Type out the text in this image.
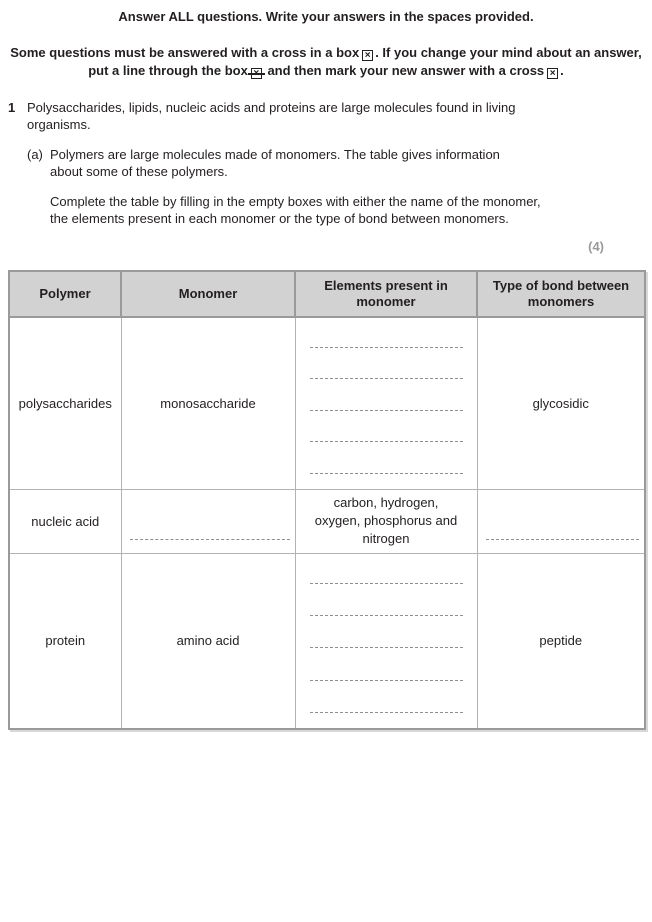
Answer ALL questions. Write your answers in the spaces provided.

Some questions must be answered with a cross in a box × . If you change your mind about an answer, put a line through the box × and then mark your new answer with a cross × .

1 Polysaccharides, lipids, nucleic acids and proteins are large molecules found in living organisms.

(a) Polymers are large molecules made of monomers. The table gives information about some of these polymers.

Complete the table by filling in the empty boxes with either the name of the monomer, the elements present in each monomer or the type of bond between monomers.

(4)
Polymer	Monomer	Elements present in monomer	Type of bond between monomers
polysaccharides	monosaccharide		glycosidic
nucleic acid		carbon, hydrogen, oxygen, phosphorus and nitrogen	

protein	amino acid		peptide
